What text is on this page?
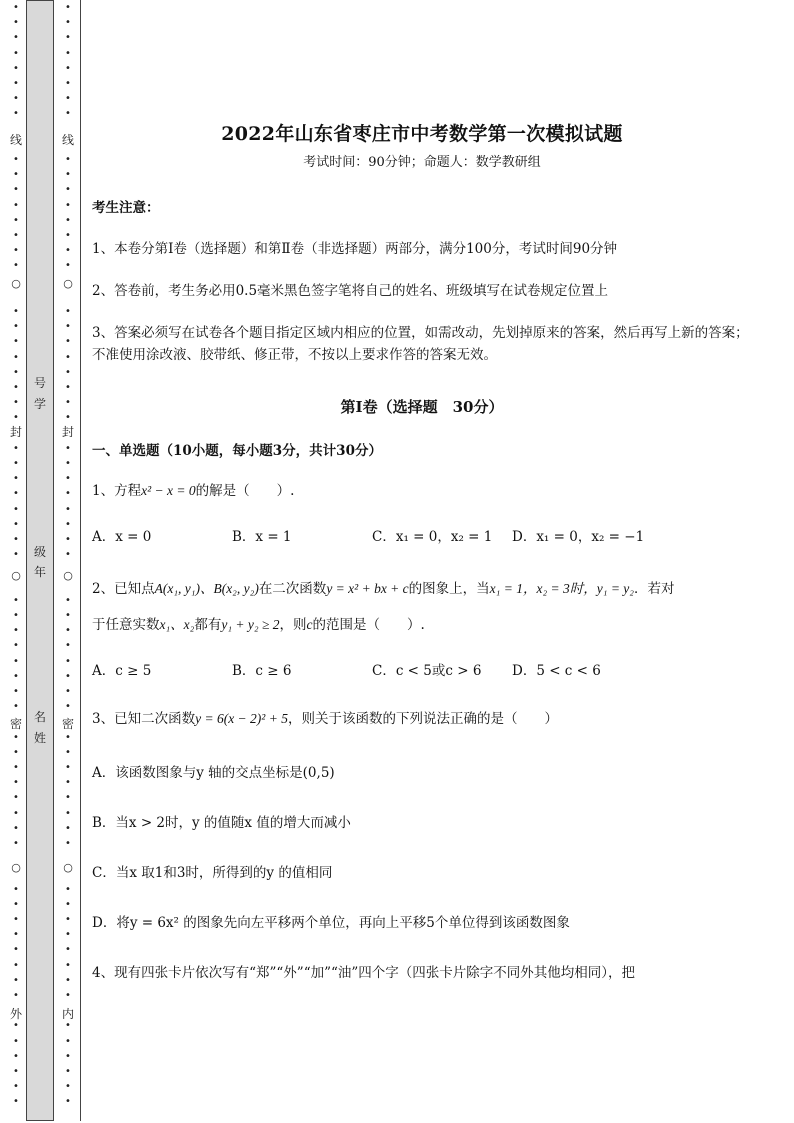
•
•
•
•
•
•
•
•
•
•
•
•
•
•
•
•
•
•
•
•
•
•
•
•
•
•
•
•
•
•
•
•
•
•
•
•
•
•
•
•
•
•
•
•
•
•
•
•
•
•
•
•
•
•
•
•
•
•
•
•
•
•
线
○
封
○
密
○
外
•
•
•
•
•
•
•
•
•
•
•
•
•
•
•
•
•
•
•
•
•
•
•
•
•
•
•
•
•
•
•
•
•
•
•
•
•
•
•
•
•
•
•
•
•
•
•
•
•
•
•
•
•
•
•
•
•
•
•
•
•
•
线
○
封
○
密
○
内
号
学
级
年
名
姓
2022年山东省枣庄市中考数学第一次模拟试题
考试时间：90分钟；命题人：数学教研组
考生注意：
1、本卷分第Ⅰ卷（选择题）和第Ⅱ卷（非选择题）两部分，满分100分，考试时间90分钟
2、答卷前，考生务必用0.5毫米黑色签字笔将自己的姓名、班级填写在试卷规定位置上
3、答案必须写在试卷各个题目指定区域内相应的位置，如需改动，先划掉原来的答案，然后再写上新的答案；不准使用涂改液、胶带纸、修正带，不按以上要求作答的答案无效。
第Ⅰ卷（选择题　30分）
一、单选题（10小题，每小题3分，共计30分）
1、方程x² − x = 0的解是（　　）.
A．x = 0	B．x = 1	C．x₁ = 0，x₂ = 1	D．x₁ = 0，x₂ = −1
2、已知点A(x₁, y₁)、B(x₂, y₂)在二次函数y = x² + bx + c的图象上，当x₁ = 1，x₂ = 3时，y₁ = y₂．若对
于任意实数x₁、x₂都有y₁ + y₂ ≥ 2，则c的范围是（　　）.
A．c ≥ 5	B．c ≥ 6	C．c < 5或c > 6	D．5 < c < 6
3、已知二次函数y = 6(x − 2)² + 5，则关于该函数的下列说法正确的是（　　）
A．该函数图象与y 轴的交点坐标是(0,5)
B．当x > 2时，y 的值随x 值的增大而减小
C．当x 取1和3时，所得到的y 的值相同
D．将y = 6x² 的图象先向左平移两个单位，再向上平移5个单位得到该函数图象
4、现有四张卡片依次写有“郑”“外”“加”“油”四个字（四张卡片除字不同外其他均相同），把
